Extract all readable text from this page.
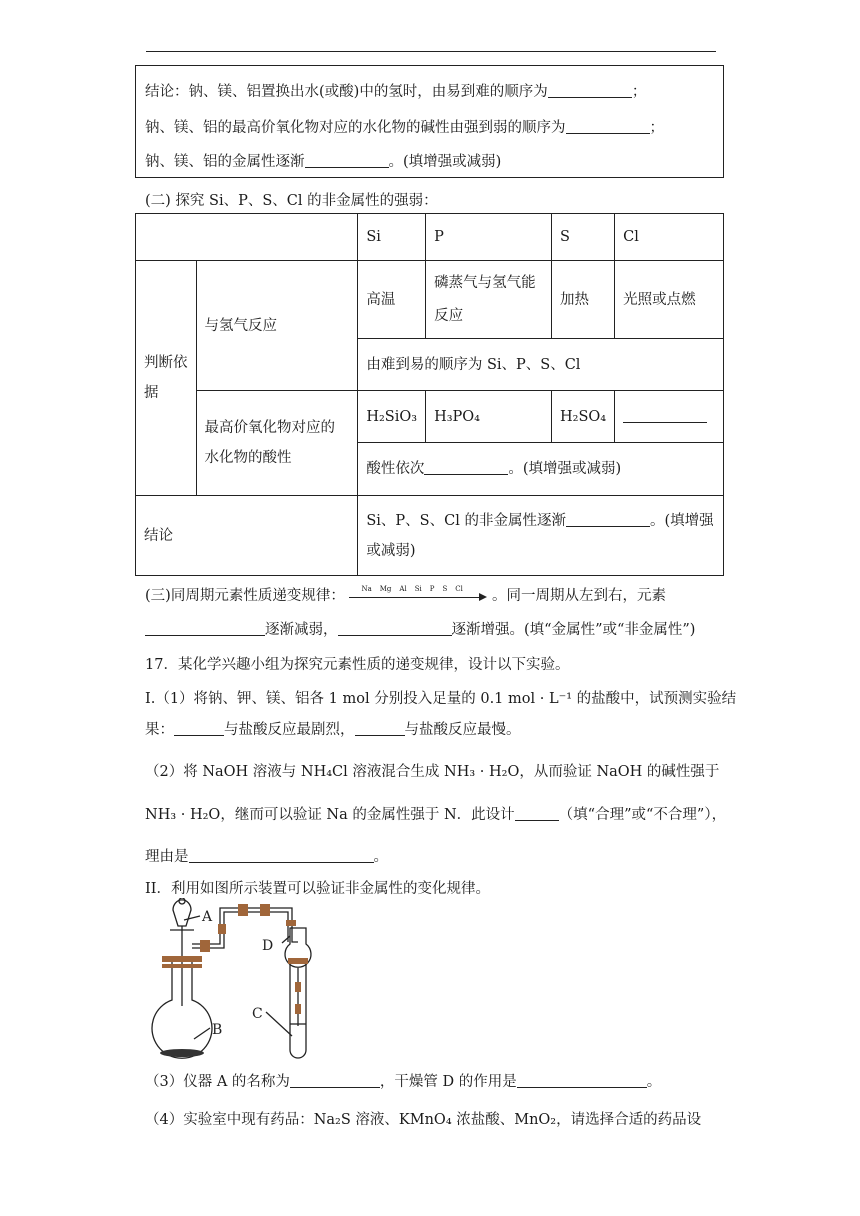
结论：钠、镁、铝置换出水(或酸)中的氢时，由易到难的顺序为	；
钠、镁、铝的最高价氧化物对应的水化物的碱性由强到弱的顺序为	；
钠、镁、铝的金属性逐渐	。(填增强或减弱)
(二) 探究 Si、P、S、Cl 的非金属性的强弱：
		Si	P	S	Cl
判断依据	与氢气反应	高温	磷蒸气与氢气能反应	加热	光照或点燃
		由难到易的顺序为 Si、P、S、Cl			
	最高价氧化物对应的水化物的酸性	H₂SiO₃	H₃PO₄	H₂SO₄	
		酸性依次 。(填增强或减弱)			
结论		Si、P、S、Cl 的非金属性逐渐 。(填增强或减弱)			
(三)同周期元素性质递变规律： Na Mg Al Si P S Cl	。同一周期从左到右，元素
逐渐减弱，	逐渐增强。(填“金属性”或“非金属性”)
17．某化学兴趣小组为探究元素性质的递变规律，设计以下实验。
I.（1）将钠、钾、镁、铝各 1 mol 分别投入足量的 0.1 mol · L⁻¹ 的盐酸中，试预测实验结
果：	与盐酸反应最剧烈，	与盐酸反应最慢。
（2）将 NaOH 溶液与 NH₄Cl 溶液混合生成 NH₃ · H₂O，从而验证 NaOH 的碱性强于
NH₃ · H₂O，继而可以验证 Na 的金属性强于 N．此设计	（填“合理”或“不合理”），
理由是	。
II．利用如图所示装置可以验证非金属性的变化规律。
A
B
C
D
（3）仪器 A 的名称为	，干燥管 D 的作用是	。
（4）实验室中现有药品：Na₂S 溶液、KMnO₄ 浓盐酸、MnO₂，请选择合适的药品设
